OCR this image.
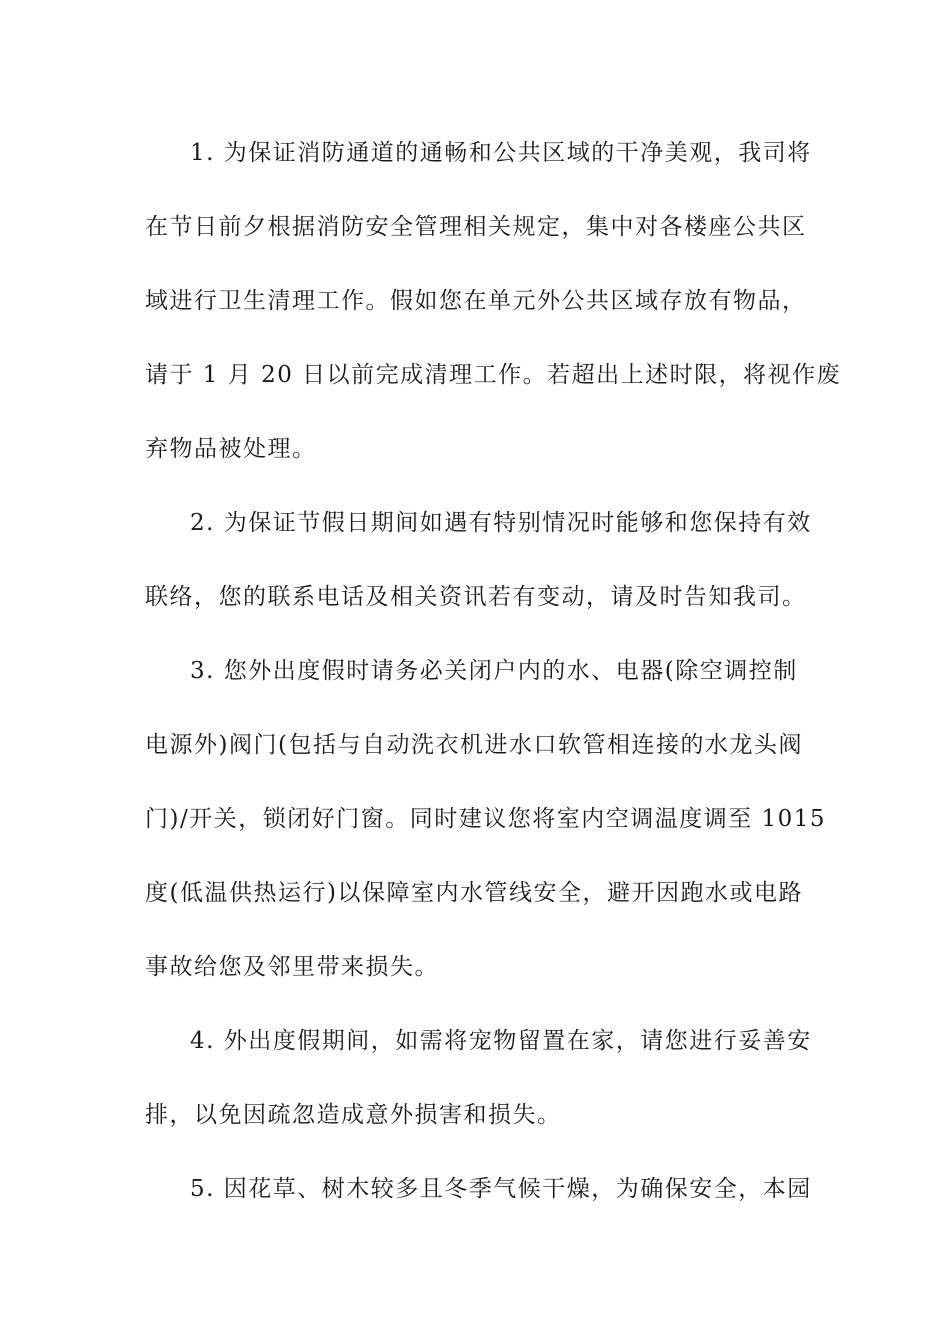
1. 为保证消防通道的通畅和公共区域的干净美观，我司将
在节日前夕根据消防安全管理相关规定，集中对各楼座公共区
域进行卫生清理工作。假如您在单元外公共区域存放有物品，
请于 1 月 20 日以前完成清理工作。若超出上述时限，将视作废
弃物品被处理。
2. 为保证节假日期间如遇有特别情况时能够和您保持有效
联络，您的联系电话及相关资讯若有变动，请及时告知我司。
3. 您外出度假时请务必关闭户内的水、电器(除空调控制
电源外)阀门(包括与自动洗衣机进水口软管相连接的水龙头阀
门)/开关，锁闭好门窗。同时建议您将室内空调温度调至 1015
度(低温供热运行)以保障室内水管线安全，避开因跑水或电路
事故给您及邻里带来损失。
4. 外出度假期间，如需将宠物留置在家，请您进行妥善安
排，以免因疏忽造成意外损害和损失。
5. 因花草、树木较多且冬季气候干燥，为确保安全，本园
